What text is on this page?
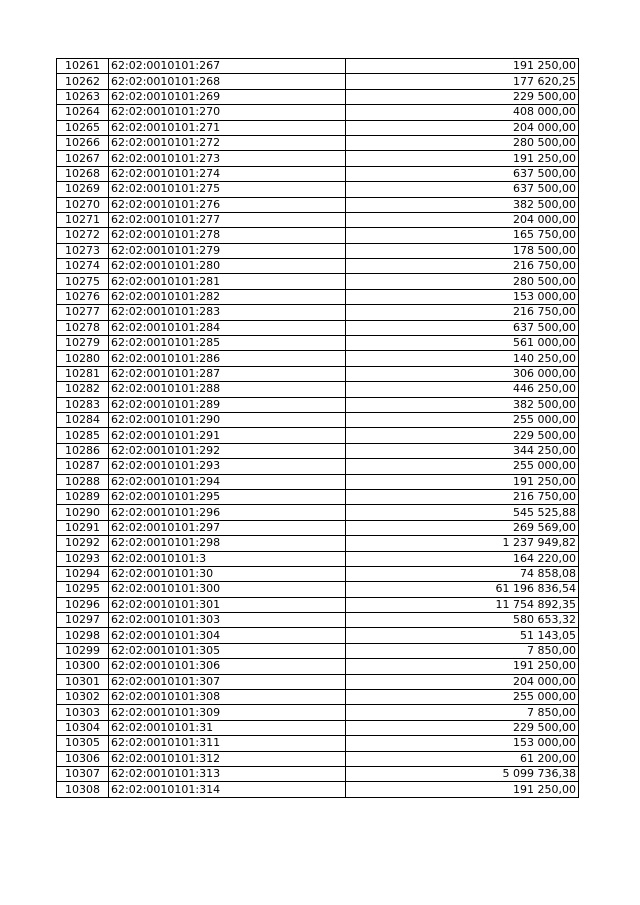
10261	62:02:0010101:267	191 250,00
10262	62:02:0010101:268	177 620,25
10263	62:02:0010101:269	229 500,00
10264	62:02:0010101:270	408 000,00
10265	62:02:0010101:271	204 000,00
10266	62:02:0010101:272	280 500,00
10267	62:02:0010101:273	191 250,00
10268	62:02:0010101:274	637 500,00
10269	62:02:0010101:275	637 500,00
10270	62:02:0010101:276	382 500,00
10271	62:02:0010101:277	204 000,00
10272	62:02:0010101:278	165 750,00
10273	62:02:0010101:279	178 500,00
10274	62:02:0010101:280	216 750,00
10275	62:02:0010101:281	280 500,00
10276	62:02:0010101:282	153 000,00
10277	62:02:0010101:283	216 750,00
10278	62:02:0010101:284	637 500,00
10279	62:02:0010101:285	561 000,00
10280	62:02:0010101:286	140 250,00
10281	62:02:0010101:287	306 000,00
10282	62:02:0010101:288	446 250,00
10283	62:02:0010101:289	382 500,00
10284	62:02:0010101:290	255 000,00
10285	62:02:0010101:291	229 500,00
10286	62:02:0010101:292	344 250,00
10287	62:02:0010101:293	255 000,00
10288	62:02:0010101:294	191 250,00
10289	62:02:0010101:295	216 750,00
10290	62:02:0010101:296	545 525,88
10291	62:02:0010101:297	269 569,00
10292	62:02:0010101:298	1 237 949,82
10293	62:02:0010101:3	164 220,00
10294	62:02:0010101:30	74 858,08
10295	62:02:0010101:300	61 196 836,54
10296	62:02:0010101:301	11 754 892,35
10297	62:02:0010101:303	580 653,32
10298	62:02:0010101:304	51 143,05
10299	62:02:0010101:305	7 850,00
10300	62:02:0010101:306	191 250,00
10301	62:02:0010101:307	204 000,00
10302	62:02:0010101:308	255 000,00
10303	62:02:0010101:309	7 850,00
10304	62:02:0010101:31	229 500,00
10305	62:02:0010101:311	153 000,00
10306	62:02:0010101:312	61 200,00
10307	62:02:0010101:313	5 099 736,38
10308	62:02:0010101:314	191 250,00
